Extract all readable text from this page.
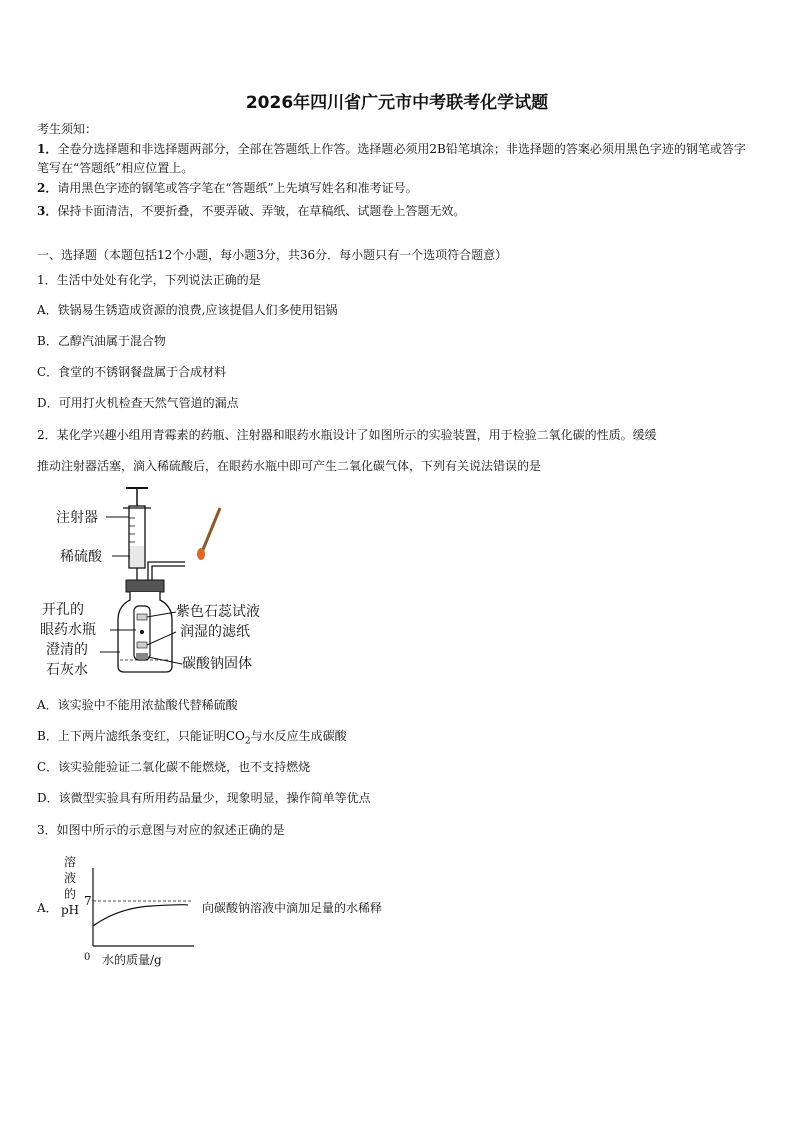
2026年四川省广元市中考联考化学试题
考生须知：
1．全卷分选择题和非选择题两部分，全部在答题纸上作答。选择题必须用2B铅笔填涂；非选择题的答案必须用黑色字迹的钢笔或答字笔写在“答题纸”相应位置上。
2．请用黑色字迹的钢笔或答字笔在“答题纸”上先填写姓名和准考证号。
3．保持卡面清洁，不要折叠，不要弄破、弄皱，在草稿纸、试题卷上答题无效。
一、选择题（本题包括12个小题，每小题3分，共36分．每小题只有一个选项符合题意）
1．生活中处处有化学，下列说法正确的是
A．铁锅易生锈造成资源的浪费,应该提倡人们多使用铝锅
B．乙醇汽油属于混合物
C．食堂的不锈钢餐盘属于合成材料
D．可用打火机检查天然气管道的漏点
2．某化学兴趣小组用青霉素的药瓶、注射器和眼药水瓶设计了如图所示的实验装置，用于检验二氧化碳的性质。缓缓
推动注射器活塞，滴入稀硫酸后，在眼药水瓶中即可产生二氧化碳气体，下列有关说法错误的是
注射器
稀硫酸
开孔的
眼药水瓶
澄清的
石灰水
紫色石蕊试液
润湿的滤纸
碳酸钠固体
A．该实验中不能用浓盐酸代替稀硫酸
B．上下两片滤纸条变红，只能证明$CO_2$与水反应生成碳酸
C．该实验能验证二氧化碳不能燃烧，也不支持燃烧
D．该微型实验具有所用药品量少，现象明显，操作简单等优点
3．如图中所示的示意图与对应的叙述正确的是
A．
溶
液
的
pH
7
0 水的质量/g
向碳酸钠溶液中滴加足量的水稀释
